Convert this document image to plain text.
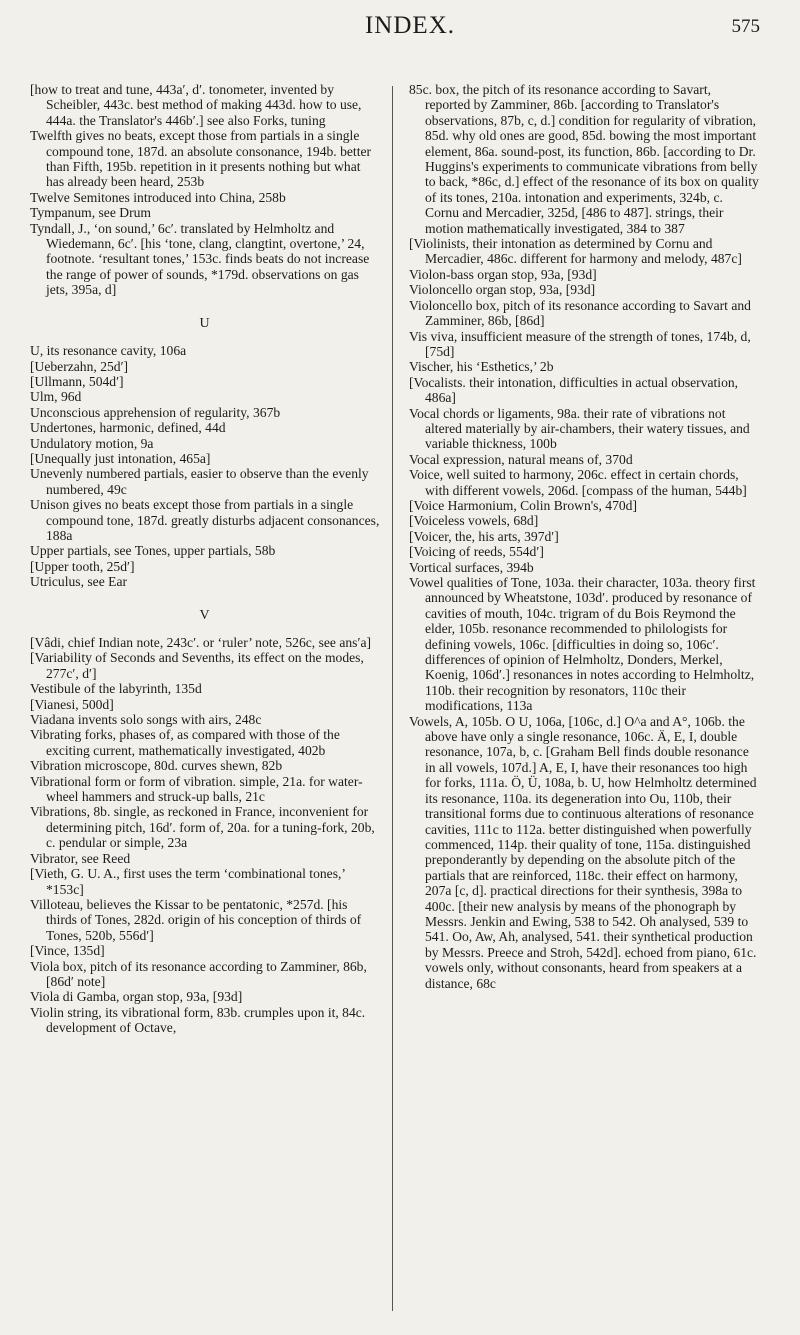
INDEX.	575

[how to treat and tune, 443a′, d′. tonometer, invented by Scheibler, 443c. best method of making 443d. how to use, 444a. the Translator's 446b′.] see also Forks, tuning

Twelfth gives no beats, except those from partials in a single compound tone, 187d. an absolute consonance, 194b. better than Fifth, 195b. repetition in it presents nothing but what has already been heard, 253b

Twelve Semitones introduced into China, 258b

Tympanum, see Drum

Tyndall, J., ‘on sound,’ 6c′. translated by Helmholtz and Wiedemann, 6c′. [his ‘tone, clang, clangtint, overtone,’ 24, footnote. ‘resultant tones,’ 153c. finds beats do not increase the range of power of sounds, *179d. observations on gas jets, 395a, d]

U

U, its resonance cavity, 106a

[Ueberzahn, 25d′]

[Ullmann, 504d′]

Ulm, 96d

Unconscious apprehension of regularity, 367b

Undertones, harmonic, defined, 44d

Undulatory motion, 9a

[Unequally just intonation, 465a]

Unevenly numbered partials, easier to observe than the evenly numbered, 49c

Unison gives no beats except those from partials in a single compound tone, 187d. greatly disturbs adjacent consonances, 188a

Upper partials, see Tones, upper partials, 58b

[Upper tooth, 25d′]

Utriculus, see Ear

V

[Vâdi, chief Indian note, 243c′. or ‘ruler’ note, 526c, see ans′a]

[Variability of Seconds and Sevenths, its effect on the modes, 277c′, d′]

Vestibule of the labyrinth, 135d

[Vianesi, 500d]

Viadana invents solo songs with airs, 248c

Vibrating forks, phases of, as compared with those of the exciting current, mathematically investigated, 402b

Vibration microscope, 80d. curves shewn, 82b

Vibrational form or form of vibration. simple, 21a. for water-wheel hammers and struck-up balls, 21c

Vibrations, 8b. single, as reckoned in France, inconvenient for determining pitch, 16d′. form of, 20a. for a tuning-fork, 20b, c. pendular or simple, 23a

Vibrator, see Reed

[Vieth, G. U. A., first uses the term ‘combinational tones,’ *153c]

Villoteau, believes the Kissar to be pentatonic, *257d. [his thirds of Tones, 282d. origin of his conception of thirds of Tones, 520b, 556d′]

[Vince, 135d]

Viola box, pitch of its resonance according to Zamminer, 86b, [86d′ note]

Viola di Gamba, organ stop, 93a, [93d]

Violin string, its vibrational form, 83b. crumples upon it, 84c. development of Octave,

85c. box, the pitch of its resonance according to Savart, reported by Zamminer, 86b. [according to Translator's observations, 87b, c, d.] condition for regularity of vibration, 85d. why old ones are good, 85d. bowing the most important element, 86a. sound-post, its function, 86b. [according to Dr. Huggins's experiments to communicate vibrations from belly to back, *86c, d.] effect of the resonance of its box on quality of its tones, 210a. intonation and experiments, 324b, c. Cornu and Mercadier, 325d, [486 to 487]. strings, their motion mathematically investigated, 384 to 387

[Violinists, their intonation as determined by Cornu and Mercadier, 486c. different for harmony and melody, 487c]

Violon-bass organ stop, 93a, [93d]

Violoncello organ stop, 93a, [93d]

Violoncello box, pitch of its resonance according to Savart and Zamminer, 86b, [86d]

Vis viva, insufficient measure of the strength of tones, 174b, d, [75d]

Vischer, his ‘Esthetics,’ 2b

[Vocalists. their intonation, difficulties in actual observation, 486a]

Vocal chords or ligaments, 98a. their rate of vibrations not altered materially by air-chambers, their watery tissues, and variable thickness, 100b

Vocal expression, natural means of, 370d

Voice, well suited to harmony, 206c. effect in certain chords, with different vowels, 206d. [compass of the human, 544b]

[Voice Harmonium, Colin Brown's, 470d]

[Voiceless vowels, 68d]

[Voicer, the, his arts, 397d′]

[Voicing of reeds, 554d′]

Vortical surfaces, 394b

Vowel qualities of Tone, 103a. their character, 103a. theory first announced by Wheatstone, 103d′. produced by resonance of cavities of mouth, 104c. trigram of du Bois Reymond the elder, 105b. resonance recommended to philologists for defining vowels, 106c. [difficulties in doing so, 106c′. differences of opinion of Helmholtz, Donders, Merkel, Koenig, 106d′.] resonances in notes according to Helmholtz, 110b. their recognition by resonators, 110c their modifications, 113a

Vowels, A, 105b. O U, 106a, [106c, d.] O^a and A°, 106b. the above have only a single resonance, 106c. Ä, E, I, double resonance, 107a, b, c. [Graham Bell finds double resonance in all vowels, 107d.] A, E, I, have their resonances too high for forks, 111a. Ö, Ü, 108a, b. U, how Helmholtz determined its resonance, 110a. its degeneration into Ou, 110b, their transitional forms due to continuous alterations of resonance cavities, 111c to 112a. better distinguished when powerfully commenced, 114p. their quality of tone, 115a. distinguished preponderantly by depending on the absolute pitch of the partials that are reinforced, 118c. their effect on harmony, 207a [c, d]. practical directions for their synthesis, 398a to 400c. [their new analysis by means of the phonograph by Messrs. Jenkin and Ewing, 538 to 542. Oh analysed, 539 to 541. Oo, Aw, Ah, analysed, 541. their synthetical production by Messrs. Preece and Stroh, 542d]. echoed from piano, 61c. vowels only, without consonants, heard from speakers at a distance, 68c
